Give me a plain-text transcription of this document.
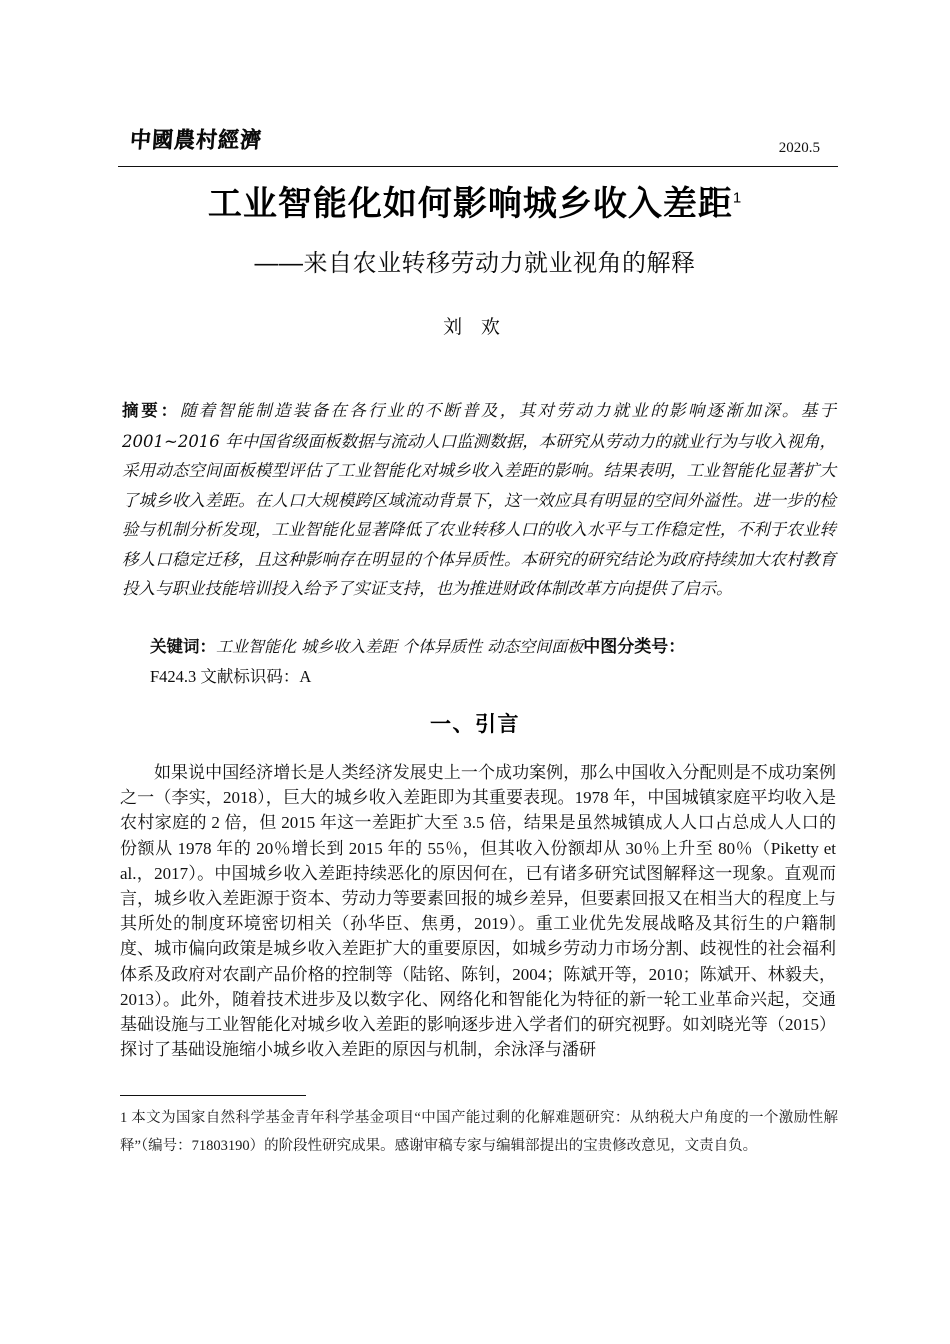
中國農村經濟	2020.5
工业智能化如何影响城乡收入差距$^1$
——来自农业转移劳动力就业视角的解释
刘 欢
摘要：随着智能制造装备在各行业的不断普及，其对劳动力就业的影响逐渐加深。基于2001~2016 年中国省级面板数据与流动人口监测数据，本研究从劳动力的就业行为与收入视角，采用动态空间面板模型评估了工业智能化对城乡收入差距的影响。结果表明，工业智能化显著扩大了城乡收入差距。在人口大规模跨区域流动背景下，这一效应具有明显的空间外溢性。进一步的检验与机制分析发现，工业智能化显著降低了农业转移人口的收入水平与工作稳定性，不利于农业转移人口稳定迁移，且这种影响存在明显的个体异质性。本研究的研究结论为政府持续加大农村教育投入与职业技能培训投入给予了实证支持，也为推进财政体制改革方向提供了启示。
关键词：工业智能化 城乡收入差距 个体异质性 动态空间面板中图分类号：
F424.3 文献标识码：A
一、引言

如果说中国经济增长是人类经济发展史上一个成功案例，那么中国收入分配则是不成功案例之一（李实，2018），巨大的城乡收入差距即为其重要表现。1978 年，中国城镇家庭平均收入是农村家庭的 2 倍，但 2015 年这一差距扩大至 3.5 倍，结果是虽然城镇成人人口占总成人人口的份额从 1978 年的 20％增长到 2015 年的 55％，但其收入份额却从 30％上升至 80％（Piketty et al.，2017）。中国城乡收入差距持续恶化的原因何在，已有诸多研究试图解释这一现象。直观而言，城乡收入差距源于资本、劳动力等要素回报的城乡差异，但要素回报又在相当大的程度上与其所处的制度环境密切相关（孙华臣、焦勇，2019）。重工业优先发展战略及其衍生的户籍制度、城市偏向政策是城乡收入差距扩大的重要原因，如城乡劳动力市场分割、歧视性的社会福利体系及政府对农副产品价格的控制等（陆铭、陈钊，2004；陈斌开等，2010；陈斌开、林毅夫，2013）。此外，随着技术进步及以数字化、网络化和智能化为特征的新一轮工业革命兴起，交通基础设施与工业智能化对城乡收入差距的影响逐步进入学者们的研究视野。如刘晓光等（2015）探讨了基础设施缩小城乡收入差距的原因与机制，余泳泽与潘研

1 本文为国家自然科学基金青年科学基金项目“中国产能过剩的化解难题研究：从纳税大户角度的一个激励性解释”（编号：71803190）的阶段性研究成果。感谢审稿专家与编辑部提出的宝贵修改意见，文责自负。
